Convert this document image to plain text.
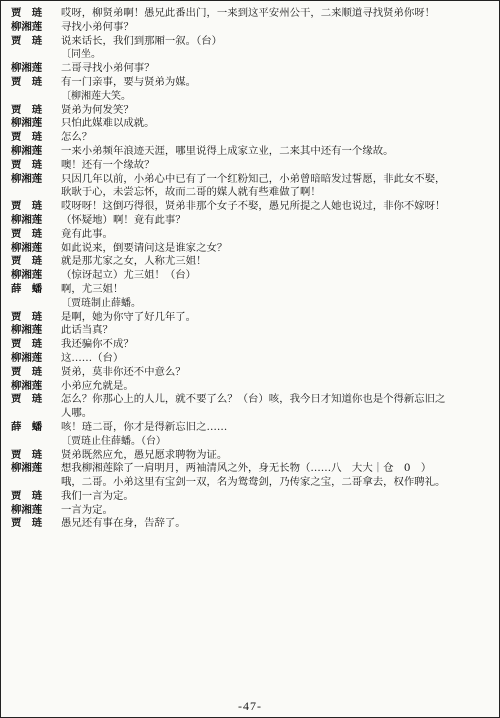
贾　琏	哎呀，柳贤弟啊！愚兄此番出门，一来到这平安州公干，二来顺道寻找贤弟你呀！
柳湘莲	寻找小弟何事？
贾　琏	说来话长，我们到那厢一叙。（台）
〔同坐。
柳湘莲	二哥寻找小弟何事？
贾　琏	有一门亲事，要与贤弟为媒。
〔柳湘莲大笑。
贾　琏	贤弟为何发笑？
柳湘莲	只怕此媒难以成就。
贾　琏	怎么？
柳湘莲	一来小弟频年浪迹天涯，哪里说得上成家立业，二来其中还有一个缘故。
贾　琏	噢！还有一个缘故？
柳湘莲	只因几年以前，小弟心中已有了一个红粉知己，小弟曾暗暗发过誓愿，非此女不娶，
耿耿于心，未尝忘怀，故而二哥的媒人就有些难做了啊！
贾　琏	哎呀呀！这倒巧得很，贤弟非那个女子不娶，愚兄所提之人她也说过，非你不嫁呀！
柳湘莲	（怀疑地）啊！竟有此事？
贾　琏	竟有此事。
柳湘莲	如此说来，倒要请问这是谁家之女？
贾　琏	就是那尤家之女，人称尤三姐！
柳湘莲	（惊讶起立）尤三姐！（台）
薛　蟠	啊，尤三姐！
〔贾琏制止薛蟠。
贾　琏	是啊，她为你守了好几年了。
柳湘莲	此话当真？
贾　琏	我还骗你不成？
柳湘莲	这……（台）
贾　琏	贤弟，莫非你还不中意么？
柳湘莲	小弟应允就是。
贾　琏	怎么？你那心上的人儿，就不要了么？（台）咳，我今日才知道你也是个得新忘旧之
人哪。
薛　蟠	咳！琏二哥，你才是得新忘旧之……
〔贾琏止住薛蟠。（台）
贾　琏	贤弟既然应允，愚兄愿求聘物为证。
柳湘莲	想我柳湘莲除了一肩明月，两袖清风之外，身无长物（……八　大大｜仓　0　）
哦，二哥。小弟这里有宝剑一双，名为鸳鸯剑，乃传家之宝，二哥拿去，权作聘礼。
贾　琏	我们一言为定。
柳湘莲	一言为定。
贾　琏	愚兄还有事在身，告辞了。
-47-
